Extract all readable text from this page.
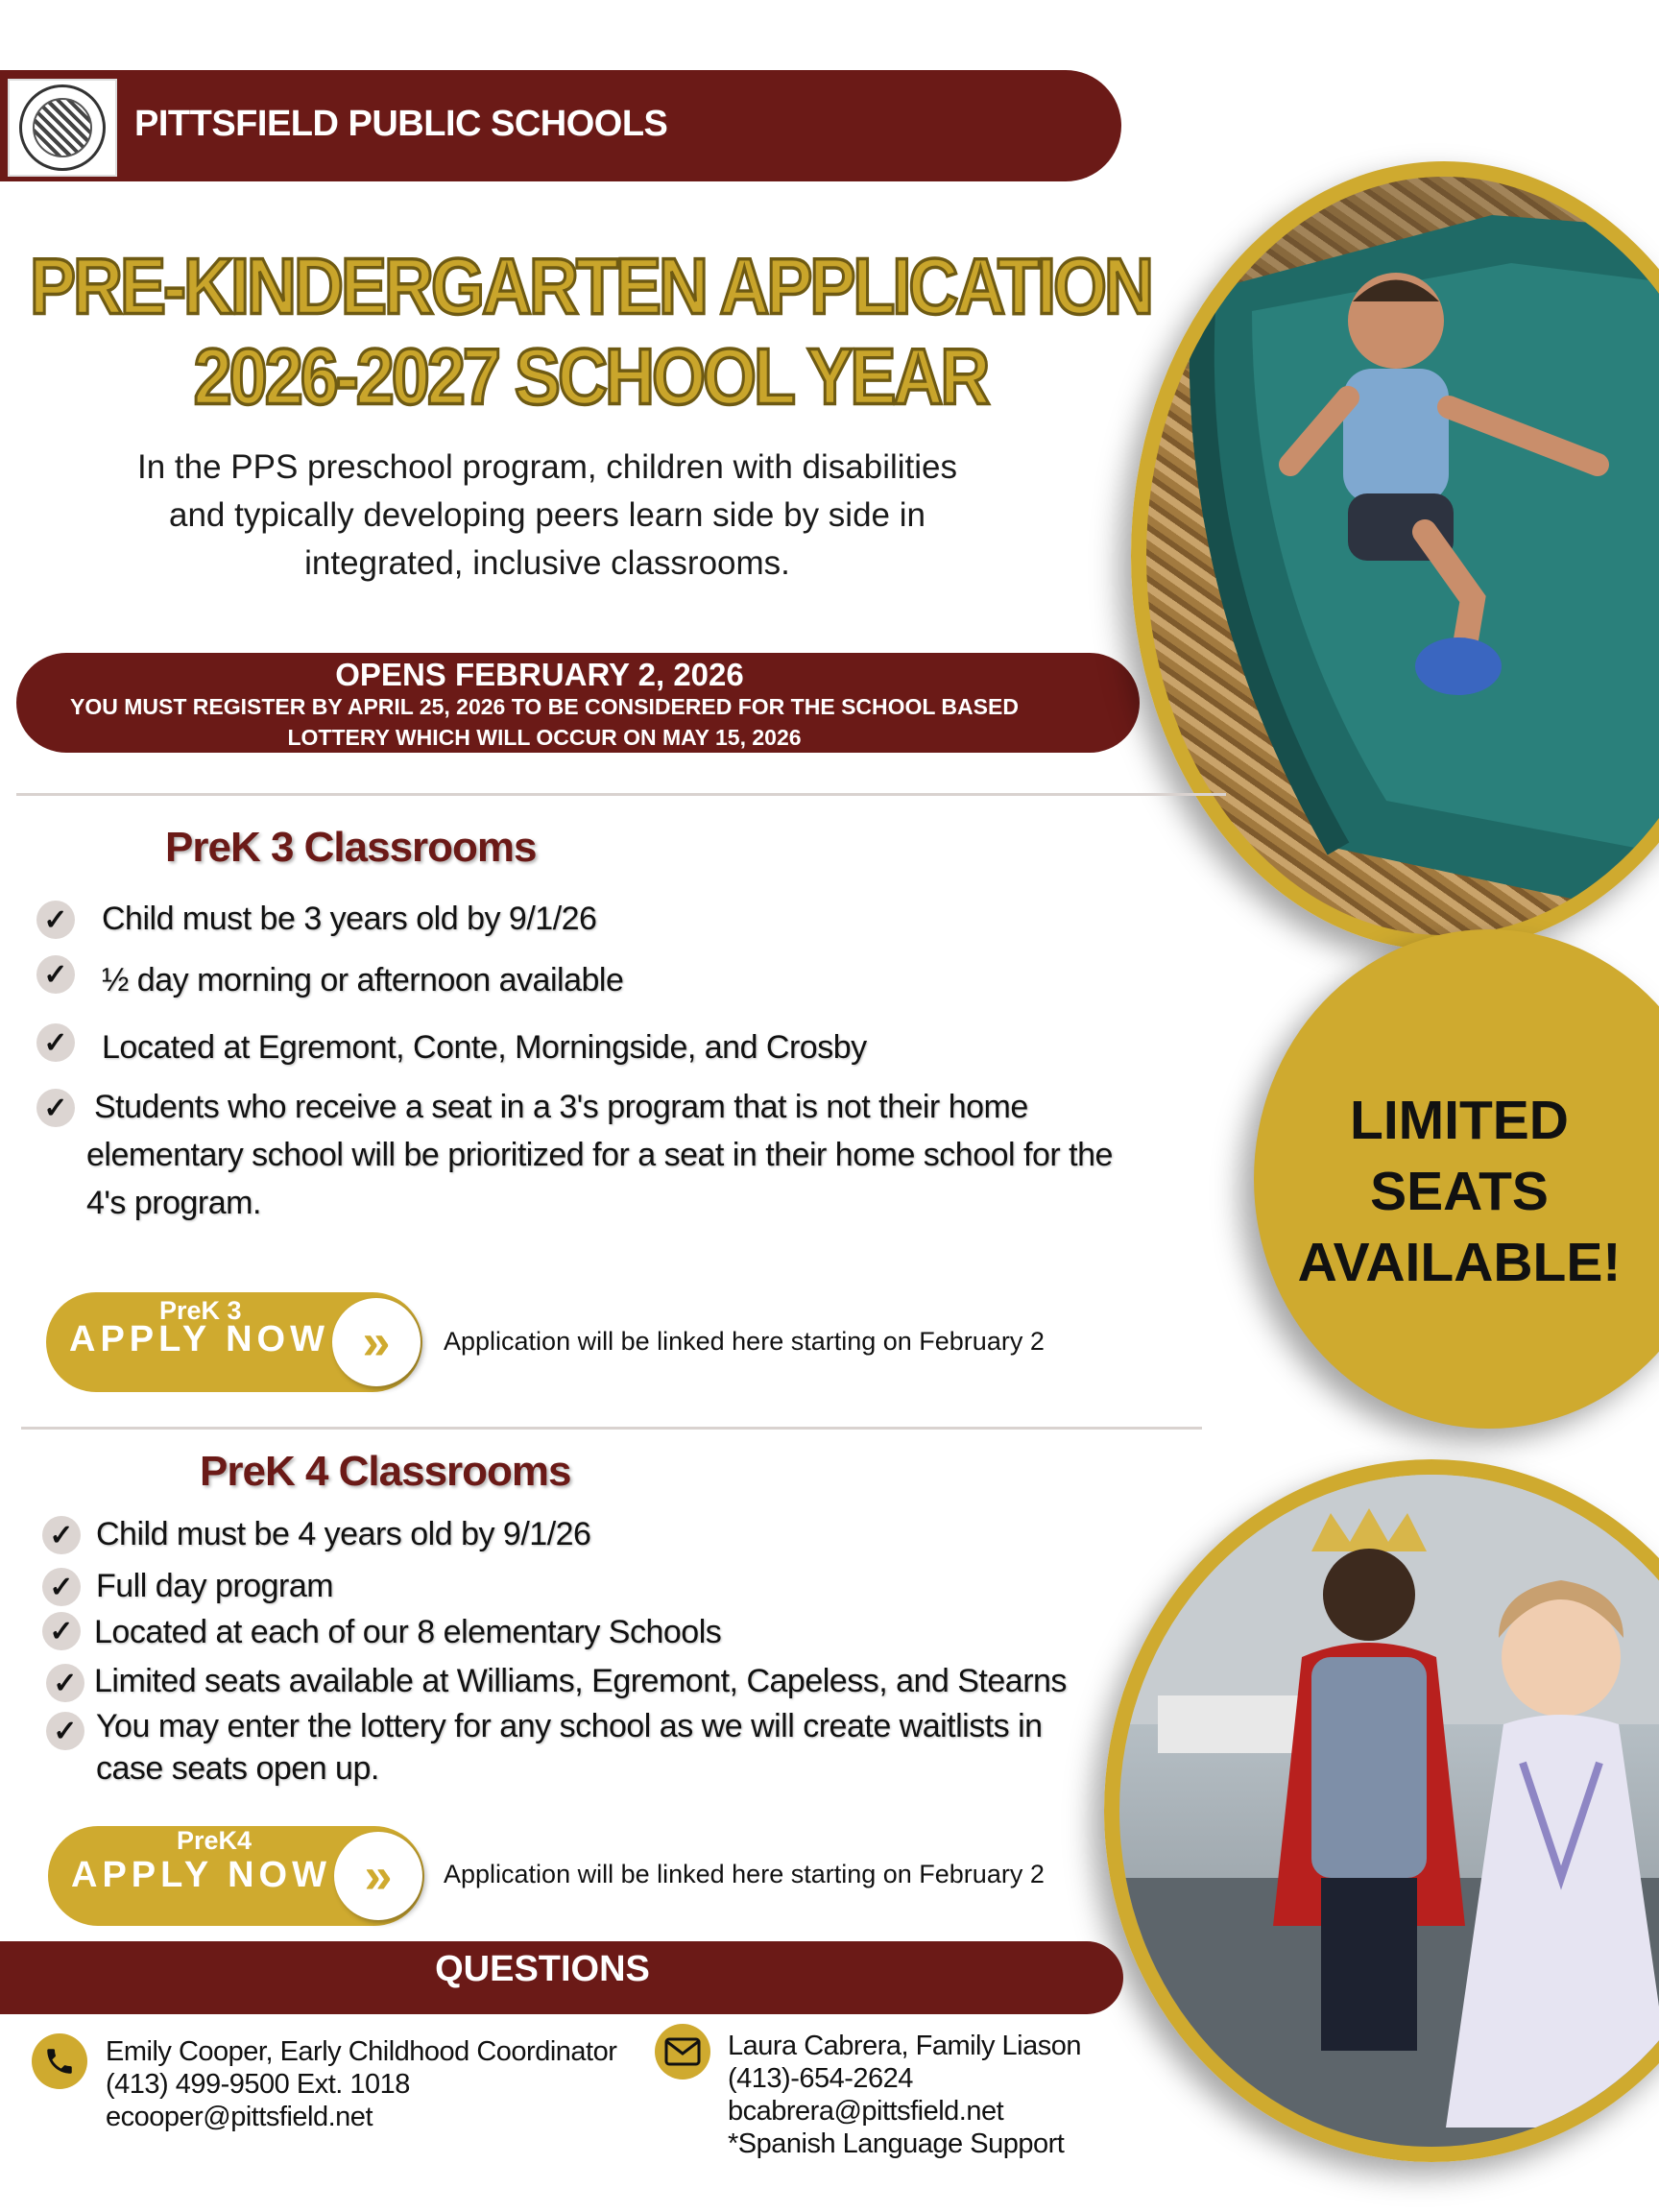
PITTSFIELD PUBLIC SCHOOLS
PRE-KINDERGARTEN APPLICATION
2026-2027 SCHOOL YEAR
In the PPS preschool program, children with disabilities and typically developing peers learn side by side in integrated, inclusive classrooms.
OPENS FEBRUARY 2, 2026
YOU MUST REGISTER BY APRIL 25, 2026 TO BE CONSIDERED FOR THE SCHOOL BASED LOTTERY WHICH WILL OCCUR ON MAY 15, 2026
PreK 3 Classrooms
✓ Child must be 3 years old by 9/1/26
✓ ½ day morning or afternoon available
✓ Located at Egremont, Conte, Morningside, and Crosby
✓ Students who receive a seat in a 3's program that is not their home elementary school will be prioritized for a seat in their home school for the 4's program.
PreK 3
APPLY NOW »	Application will be linked here starting on February 2
LIMITED
SEATS
AVAILABLE!
PreK 4 Classrooms
✓ Child must be 4 years old by 9/1/26
✓ Full day program
✓ Located at each of our 8 elementary Schools
✓ Limited seats available at Williams, Egremont, Capeless, and Stearns
✓ You may enter the lottery for any school as we will create waitlists in case seats open up.
PreK4
APPLY NOW »	Application will be linked here starting on February 2
QUESTIONS
Emily Cooper, Early Childhood Coordinator
(413) 499-9500 Ext. 1018
ecooper@pittsfield.net
Laura Cabrera, Family Liason
(413)-654-2624
bcabrera@pittsfield.net
*Spanish Language Support
